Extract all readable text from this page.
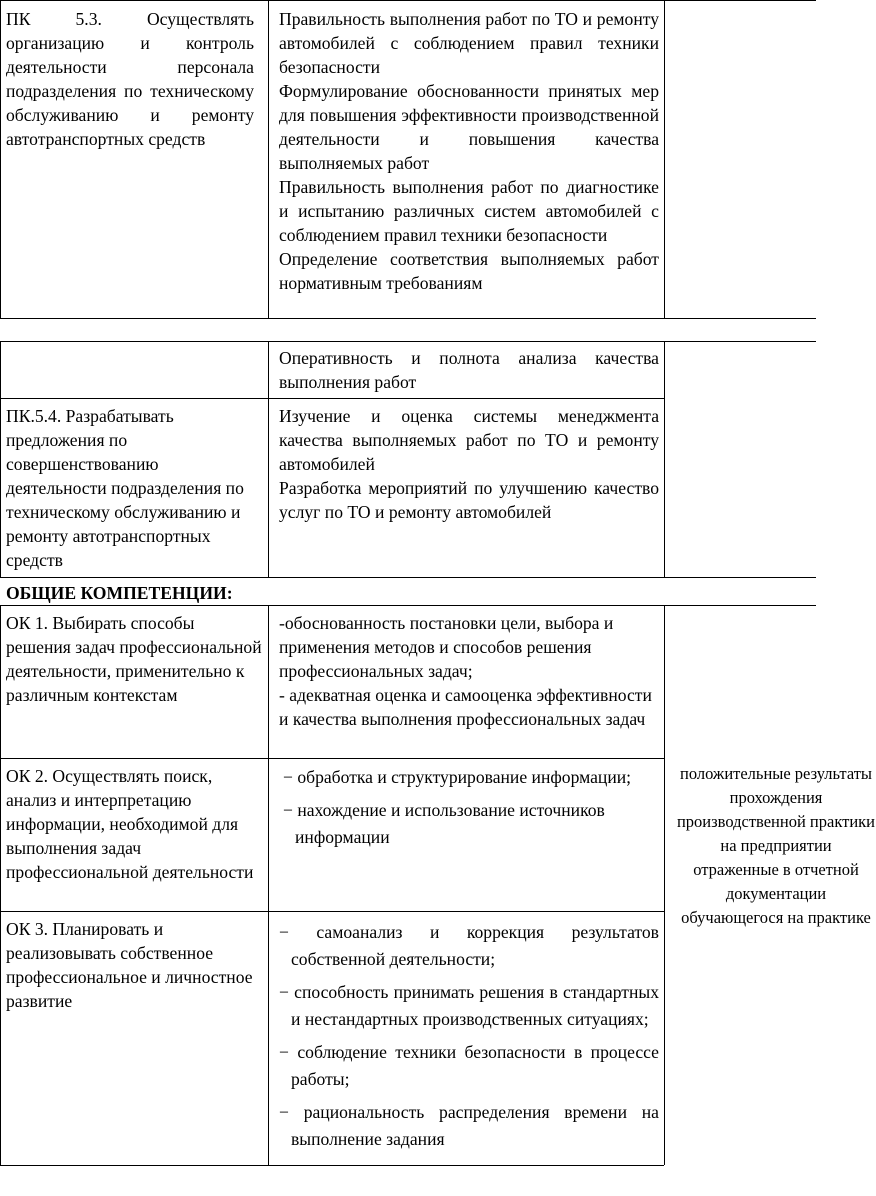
ПК 5.3. Осуществлять организацию и контроль деятельности персонала подразделения по техническому обслуживанию и ремонту автотранспортных средств
Правильность выполнения работ по ТО и ремонту автомобилей с соблюдением правил техники безопасности
Формулирование обоснованности принятых мер для повышения эффективности производственной деятельности и повышения качества выполняемых работ
Правильность выполнения работ по диагностике и испытанию различных систем автомобилей с соблюдением правил техники безопасности
Определение соответствия выполняемых работ нормативным требованиям
Оперативность и полнота анализа качества выполнения работ
ПК.5.4. Разрабатывать предложения по совершенствованию деятельности подразделения по техническому обслуживанию и ремонту автотранспортных средств
Изучение и оценка системы менеджмента качества выполняемых работ по ТО и ремонту автомобилей
Разработка мероприятий по улучшению качество услуг по ТО и ремонту автомобилей
ОБЩИЕ КОМПЕТЕНЦИИ:
ОК 1. Выбирать способы решения задач профессиональной деятельности, применительно к различным контекстам
-обоснованность постановки цели, выбора и применения методов и способов решения профессиональных задач;
- адекватная оценка и самооценка эффективности и качества выполнения профессиональных задач
ОК 2. Осуществлять поиск, анализ и интерпретацию информации, необходимой для выполнения задач профессиональной деятельности
− обработка и структурирование информации;
− нахождение и использование источников информации
ОК 3. Планировать и реализовывать собственное профессиональное и личностное развитие
− самоанализ и коррекция результатов собственной деятельности;
− способность принимать решения в стандартных и нестандартных производственных ситуациях;
− соблюдение техники безопасности в процессе работы;
− рациональность распределения времени на выполнение задания
положительные результаты прохождения производственной практики на предприятии отраженные в отчетной документации обучающегося на практике
